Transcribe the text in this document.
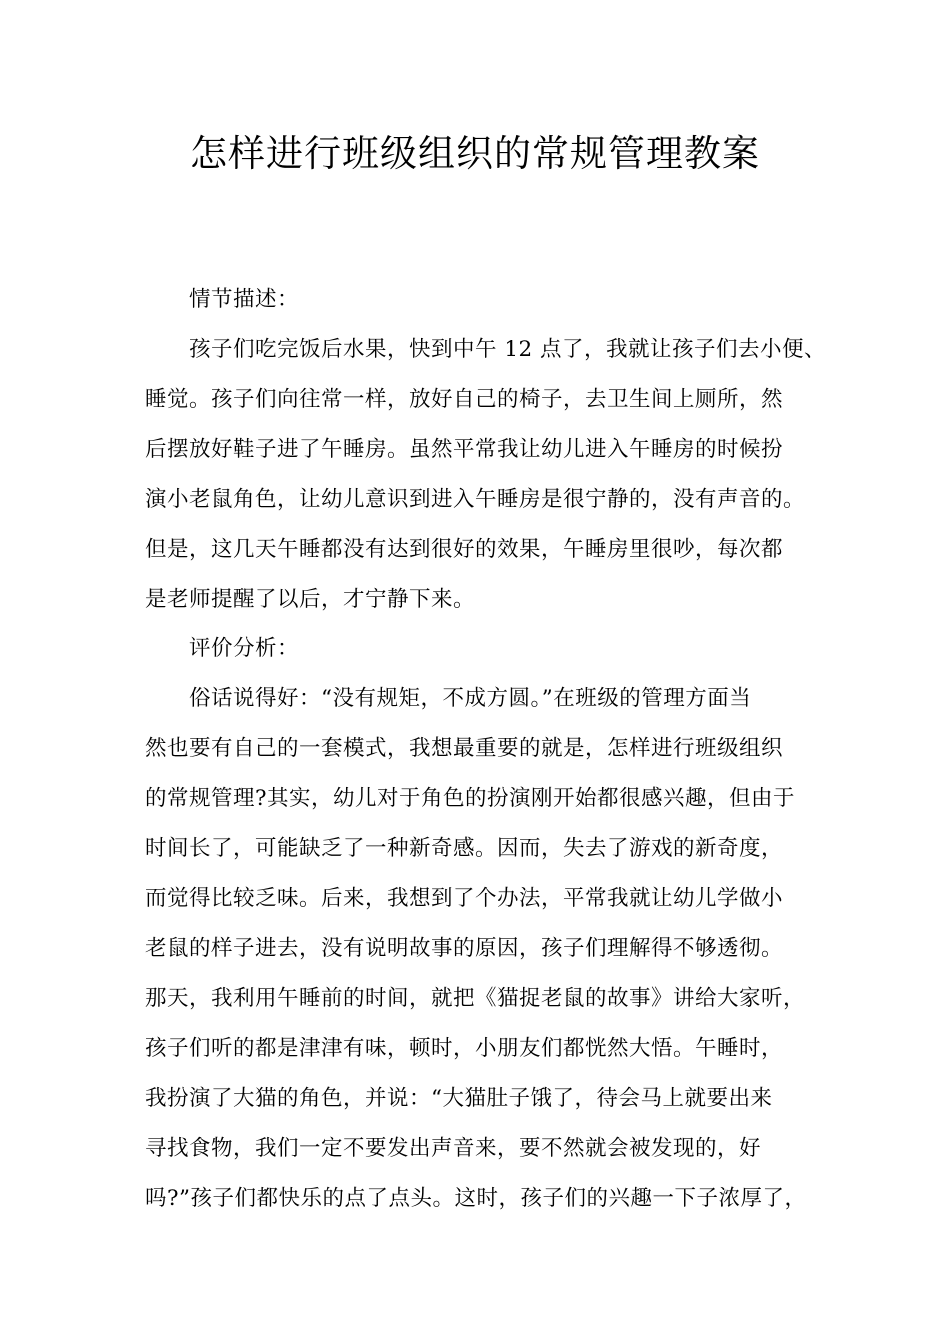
怎样进行班级组织的常规管理教案
情节描述：
孩子们吃完饭后水果，快到中午 12 点了，我就让孩子们去小便、
睡觉。孩子们向往常一样，放好自己的椅子，去卫生间上厕所，然
后摆放好鞋子进了午睡房。虽然平常我让幼儿进入午睡房的时候扮
演小老鼠角色，让幼儿意识到进入午睡房是很宁静的，没有声音的。
但是，这几天午睡都没有达到很好的效果，午睡房里很吵，每次都
是老师提醒了以后，才宁静下来。
评价分析：
俗话说得好：“没有规矩，不成方圆。”在班级的管理方面当
然也要有自己的一套模式，我想最重要的就是，怎样进行班级组织
的常规管理?其实，幼儿对于角色的扮演刚开始都很感兴趣，但由于
时间长了，可能缺乏了一种新奇感。因而，失去了游戏的新奇度，
而觉得比较乏味。后来，我想到了个办法，平常我就让幼儿学做小
老鼠的样子进去，没有说明故事的原因，孩子们理解得不够透彻。
那天，我利用午睡前的时间，就把《猫捉老鼠的故事》讲给大家听，
孩子们听的都是津津有味，顿时，小朋友们都恍然大悟。午睡时，
我扮演了大猫的角色，并说：“大猫肚子饿了，待会马上就要出来
寻找食物，我们一定不要发出声音来，要不然就会被发现的，好
吗?”孩子们都快乐的点了点头。这时，孩子们的兴趣一下子浓厚了，
